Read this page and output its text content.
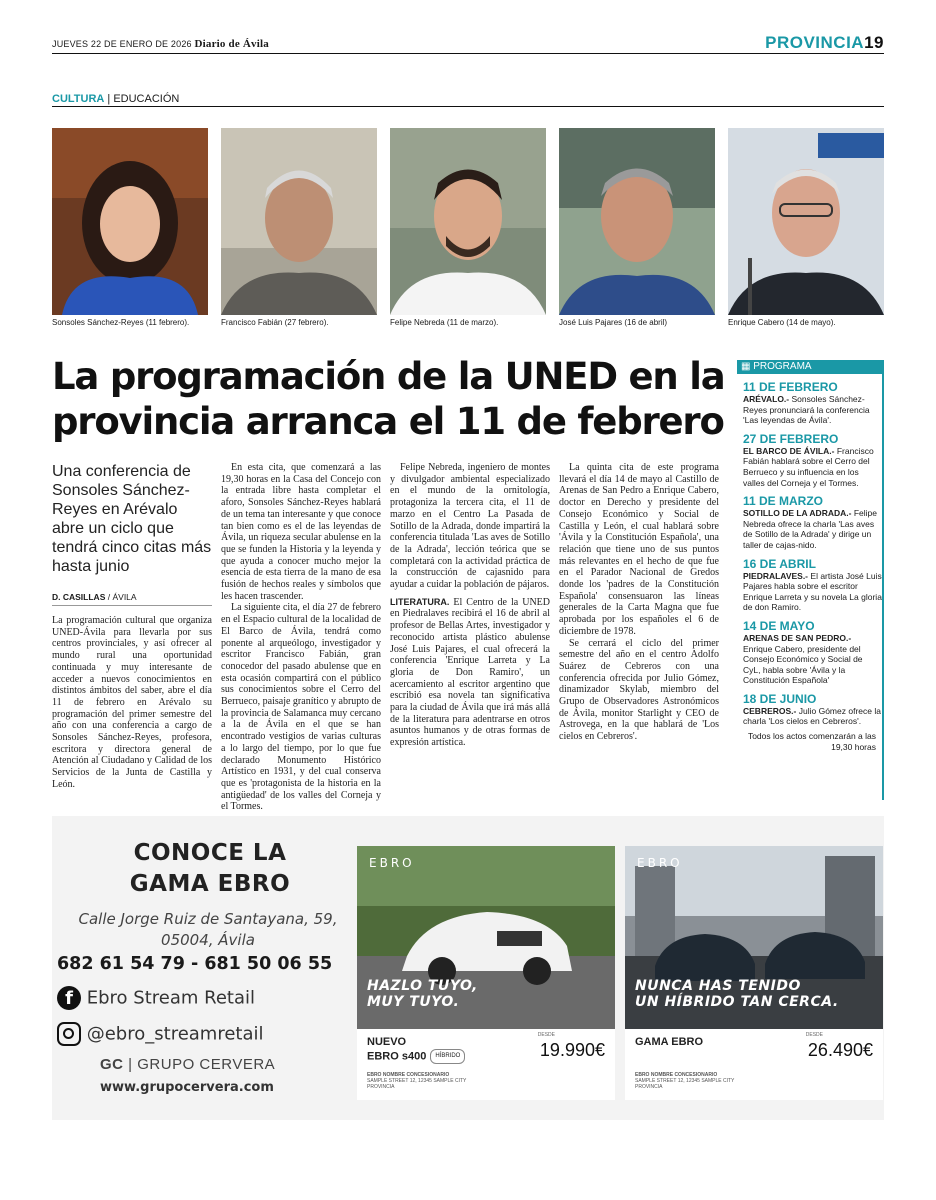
JUEVES 22 DE ENERO DE 2026 Diario de Ávila	PROVINCIA19
CULTURA | EDUCACIÓN
Sonsoles Sánchez-Reyes (11 febrero).	Francisco Fabián (27 febrero).	Felipe Nebreda (11 de marzo).	José Luis Pajares (16 de abril)	Enrique Cabero (14 de mayo).
La programación de la UNED en la provincia arranca el 11 de febrero
Una conferencia de Sonsoles Sánchez-Reyes en Arévalo abre un ciclo que tendrá cinco citas más hasta junio
D. CASILLAS / ÁVILA

La programación cultural que organiza UNED-Ávila para llevarla por sus centros provinciales, y así ofrecer al mundo rural una oportunidad continuada y muy interesante de acceder a nuevos conocimientos en distintos ámbitos del saber, abre el día 11 de febrero en Arévalo su programación del primer semestre del año con una conferencia a cargo de Sonsoles Sánchez-Reyes, profesora, escritora y directora general de Atención al Ciudadano y Calidad de los Servicios de la Junta de Castilla y León.

En esta cita, que comenzará a las 19,30 horas en la Casa del Concejo con la entrada libre hasta completar el aforo, Sonsoles Sánchez-Reyes hablará de un tema tan interesante y que conoce tan bien como es el de las leyendas de Ávila, un riqueza secular abulense en la que se funden la Historia y la leyenda y que ayuda a conocer mucho mejor la esencia de esta tierra de la mano de esa fusión de hechos reales y símbolos que les hacen trascender.

La siguiente cita, el día 27 de febrero en el Espacio cultural de la localidad de El Barco de Ávila, tendrá como ponente al arqueólogo, investigador y escritor Francisco Fabián, gran conocedor del pasado abulense que en esta ocasión compartirá con el público sus conocimientos sobre el Cerro del Berrueco, paisaje granítico y abrupto de la provincia de Salamanca muy cercano a la de Ávila en el que se han encontrado vestigios de varias culturas a lo largo del tiempo, por lo que fue declarado Monumento Histórico Artístico en 1931, y del cual conserva que es 'protagonista de la historia en la antigüedad' de los valles del Corneja y el Tormes.

Felipe Nebreda, ingeniero de montes y divulgador ambiental especializado en el mundo de la ornitología, protagoniza la tercera cita, el 11 de marzo en el Centro La Pasada de Sotillo de la Adrada, donde impartirá la conferencia titulada 'Las aves de Sotillo de la Adrada', lección teórica que se completará con la actividad práctica de la construcción de cajasnido para ayudar a cuidar la población de pájaros.

LITERATURA. El Centro de la UNED en Piedralaves recibirá el 16 de abril al profesor de Bellas Artes, investigador y reconocido artista plástico abulense José Luis Pajares, el cual ofrecerá la conferencia 'Enrique Larreta y La gloria de Don Ramiro', un acercamiento al escritor argentino que escribió esa novela tan significativa para la ciudad de Ávila que irá más allá de la literatura para adentrarse en otros asuntos humanos y de otras formas de expresión artística.

La quinta cita de este programa llevará el día 14 de mayo al Castillo de Arenas de San Pedro a Enrique Cabero, doctor en Derecho y presidente del Consejo Económico y Social de Castilla y León, el cual hablará sobre 'Ávila y la Constitución Española', una relación que tiene uno de sus puntos más relevantes en el hecho de que fue en el Parador Nacional de Gredos donde los 'padres de la Constitución Española' consensuaron las líneas generales de la Carta Magna que fue aprobada por los españoles el 6 de diciembre de 1978.

Se cerrará el ciclo del primer semestre del año en el centro Adolfo Suárez de Cebreros con una conferencia ofrecida por Julio Gómez, dinamizador Skylab, miembro del Grupo de Observadores Astronómicos de Ávila, monitor Starlight y CEO de Astrovega, en la que hablará de 'Los cielos en Cebreros'.

▦ PROGRAMA
11 DE FEBRERO
ARÉVALO.- Sonsoles Sánchez-Reyes pronunciará la conferencia 'Las leyendas de Ávila'.
27 DE FEBRERO
EL BARCO DE ÁVILA.- Francisco Fabián hablará sobre el Cerro del Berrueco y su influencia en los valles del Corneja y el Tormes.
11 DE MARZO
SOTILLO DE LA ADRADA.- Felipe Nebreda ofrece la charla 'Las aves de Sotillo de la Adrada' y dirige un taller de cajas-nido.
16 DE ABRIL
PIEDRALAVES.- El artista José Luis Pajares habla sobre el escritor Enrique Larreta y su novela La gloria de don Ramiro.
14 DE MAYO
ARENAS DE SAN PEDRO.- Enrique Cabero, presidente del Consejo Económico y Social de CyL, habla sobre 'Ávila y la Constitución Española'
18 DE JUNIO
CEBREROS.- Julio Gómez ofrece la charla 'Los cielos en Cebreros'.
Todos los actos comenzarán a las 19,30 horas
CONOCE LA
GAMA EBRO
Calle Jorge Ruiz de Santayana, 59,
05004, Ávila
682 61 54 79 - 681 50 06 55
f Ebro Stream Retail
@ebro_streamretail
GC | GRUPO CERVERA
www.grupocervera.com
EBRO
HAZLO TUYO,
MUY TUYO.
NUEVO
EBRO s400 HÍBRIDO
DESDE
19.990€
EBRO NOMBRE CONCESIONARIO
SAMPLE STREET 12, 12345 SAMPLE CITY
PROVINCIA
EBRO
NUNCA HAS TENIDO
UN HÍBRIDO TAN CERCA.
GAMA EBRO
DESDE
26.490€
EBRO NOMBRE CONCESIONARIO
SAMPLE STREET 12, 12345 SAMPLE CITY
PROVINCIA
